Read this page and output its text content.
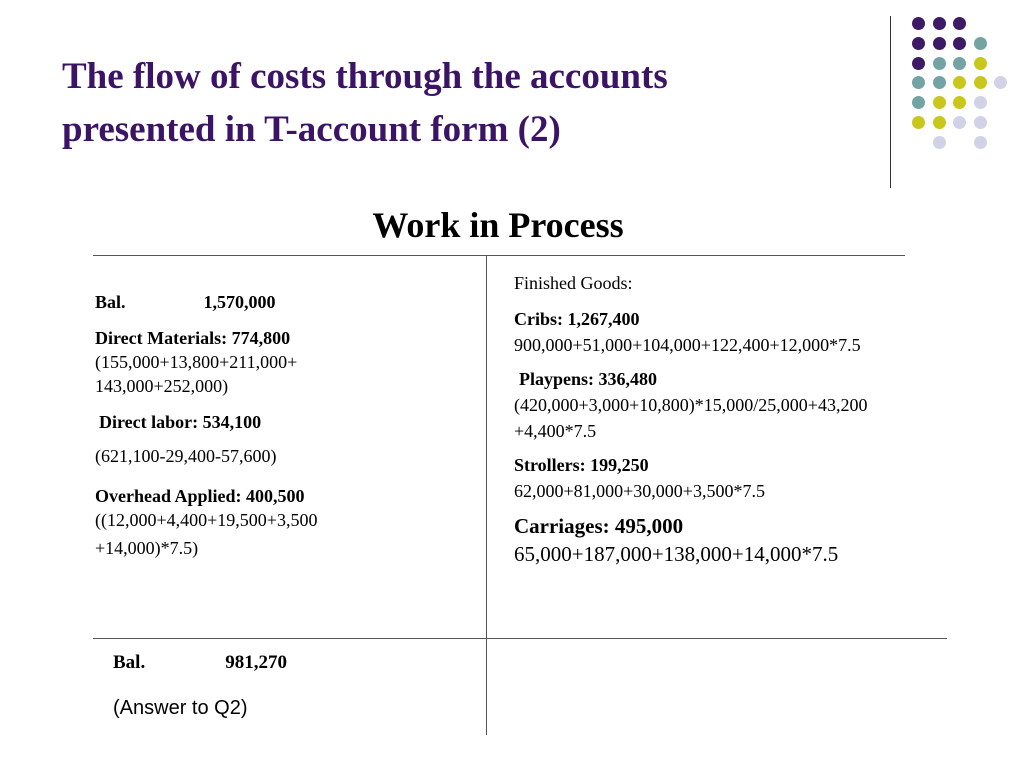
The flow of costs through the accounts
presented in T-account form (2)
Work in Process

Bal.	1,570,000

Direct Materials: 774,800
(155,000+13,800+211,000+
143,000+252,000)
Direct labor: 534,100
(621,100-29,400-57,600)
Overhead Applied: 400,500
((12,000+4,400+19,500+3,500
+14,000)*7.5)
Finished Goods:
Cribs: 1,267,400
900,000+51,000+104,000+122,400+12,000*7.5
Playpens: 336,480
(420,000+3,000+10,800)*15,000/25,000+43,200
+4,400*7.5
Strollers: 199,250
62,000+81,000+30,000+3,500*7.5
Carriages: 495,000
65,000+187,000+138,000+14,000*7.5
Bal.	981,270
(Answer to Q2)
